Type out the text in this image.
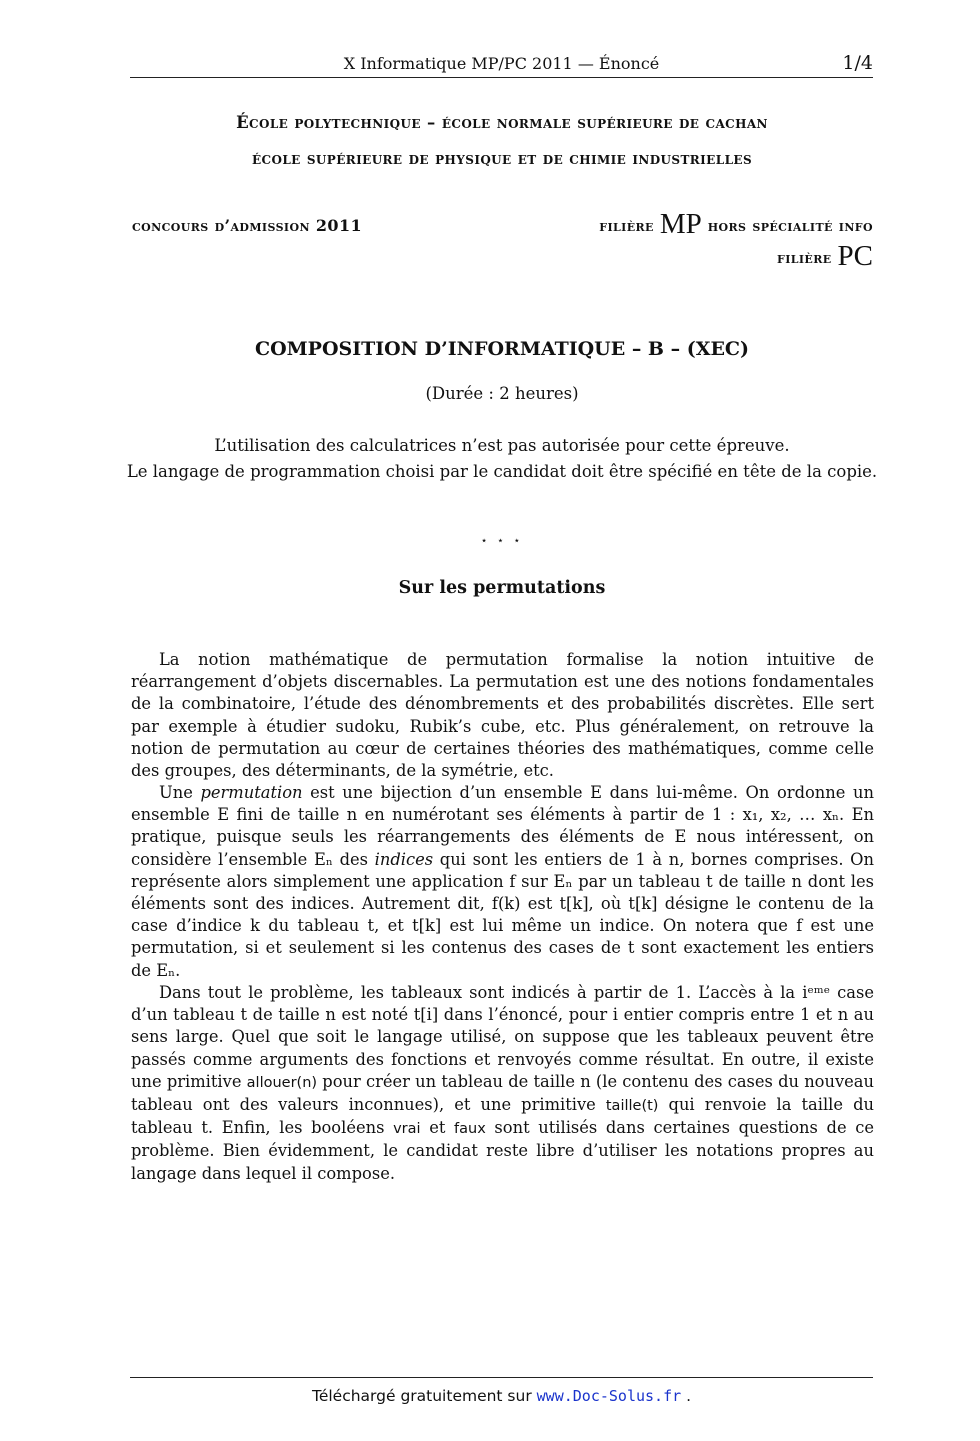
X Informatique MP/PC 2011 — Énoncé	1/4
École polytechnique – école normale supérieure de cachan
école supérieure de physique et de chimie industrielles
concours d’admission 2011	filière MP hors spécialité info
filière PC
COMPOSITION D’INFORMATIQUE – B – (XEC)
(Durée : 2 heures)
L’utilisation des calculatrices n’est pas autorisée pour cette épreuve.
Le langage de programmation choisi par le candidat doit être spécifié en tête de la copie.
⋆ ⋆ ⋆
Sur les permutations
La notion mathématique de permutation formalise la notion intuitive de réarrangement d’objets discernables. La permutation est une des notions fondamentales de la combinatoire, l’étude des dénombrements et des probabilités discrètes. Elle sert par exemple à étudier sudoku, Rubik’s cube, etc. Plus généralement, on retrouve la notion de permutation au cœur de certaines théories des mathématiques, comme celle des groupes, des déterminants, de la symétrie, etc.
Une permutation est une bijection d’un ensemble E dans lui-même. On ordonne un ensemble E fini de taille n en numérotant ses éléments à partir de 1 : x₁, x₂, … xₙ. En pratique, puisque seuls les réarrangements des éléments de E nous intéressent, on considère l’ensemble Eₙ des indices qui sont les entiers de 1 à n, bornes comprises. On représente alors simplement une application f sur Eₙ par un tableau t de taille n dont les éléments sont des indices. Autrement dit, f(k) est t[k], où t[k] désigne le contenu de la case d’indice k du tableau t, et t[k] est lui même un indice. On notera que f est une permutation, si et seulement si les contenus des cases de t sont exactement les entiers de Eₙ.
Dans tout le problème, les tableaux sont indicés à partir de 1. L’accès à la iᵉᵐᵉ case d’un tableau t de taille n est noté t[i] dans l’énoncé, pour i entier compris entre 1 et n au sens large. Quel que soit le langage utilisé, on suppose que les tableaux peuvent être passés comme arguments des fonctions et renvoyés comme résultat. En outre, il existe une primitive allouer(n) pour créer un tableau de taille n (le contenu des cases du nouveau tableau ont des valeurs inconnues), et une primitive taille(t) qui renvoie la taille du tableau t. Enfin, les booléens vrai et faux sont utilisés dans certaines questions de ce problème. Bien évidemment, le candidat reste libre d’utiliser les notations propres au langage dans lequel il compose.
Téléchargé gratuitement sur www.Doc-Solus.fr .
